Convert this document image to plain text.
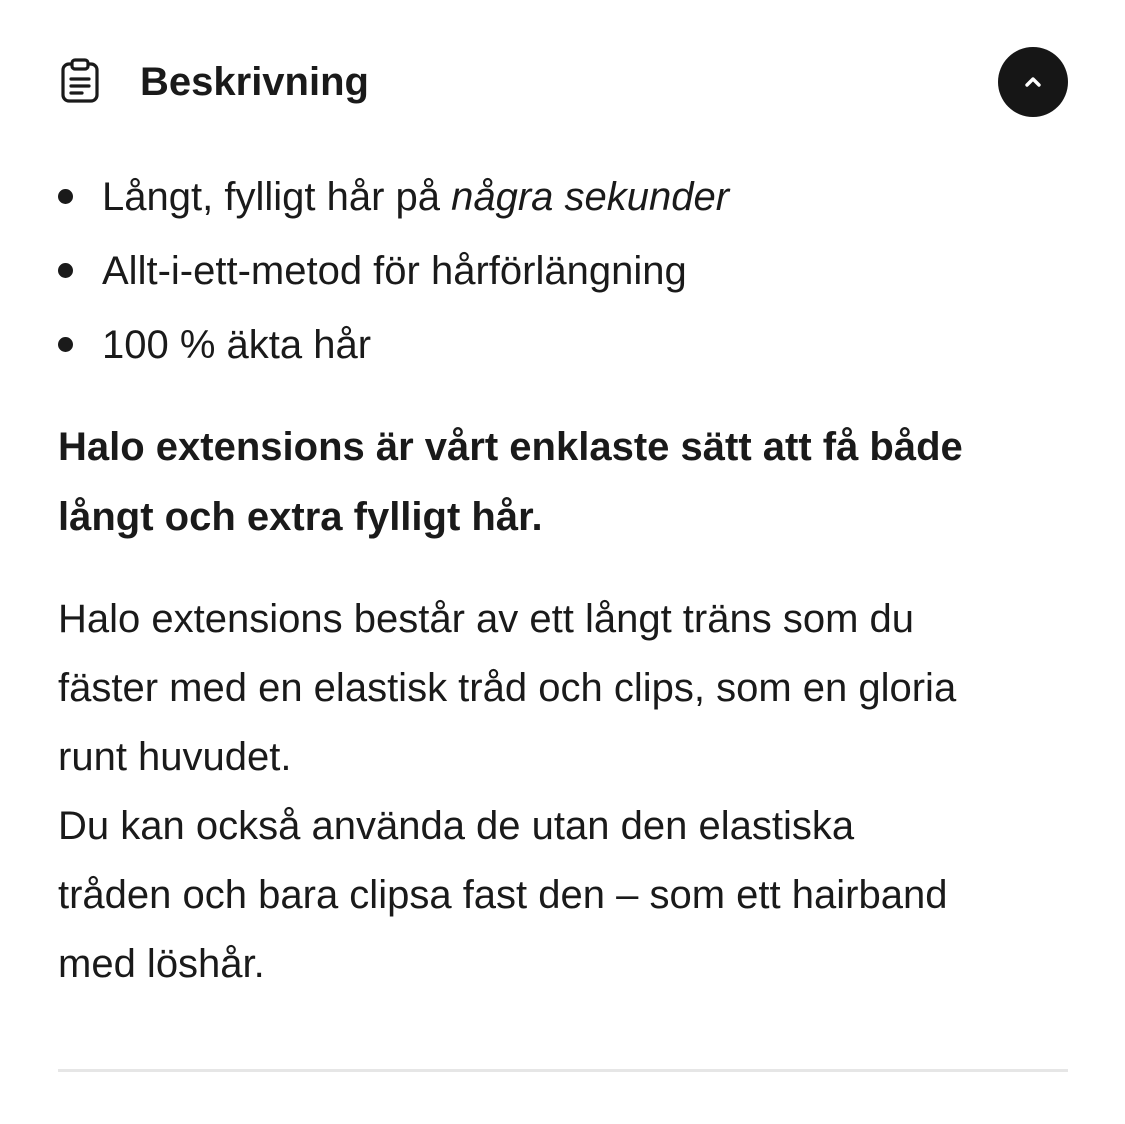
Beskrivning
Långt, fylligt hår på några sekunder
Allt-i-ett-metod för hårförlängning
100 % äkta hår

Halo extensions är vårt enklaste sätt att få både långt och extra fylligt hår.

Halo extensions består av ett långt träns som du
fäster med en elastisk tråd och clips, som en gloria
runt huvudet.
Du kan också använda de utan den elastiska
tråden och bara clipsa fast den – som ett hairband
med löshår.
